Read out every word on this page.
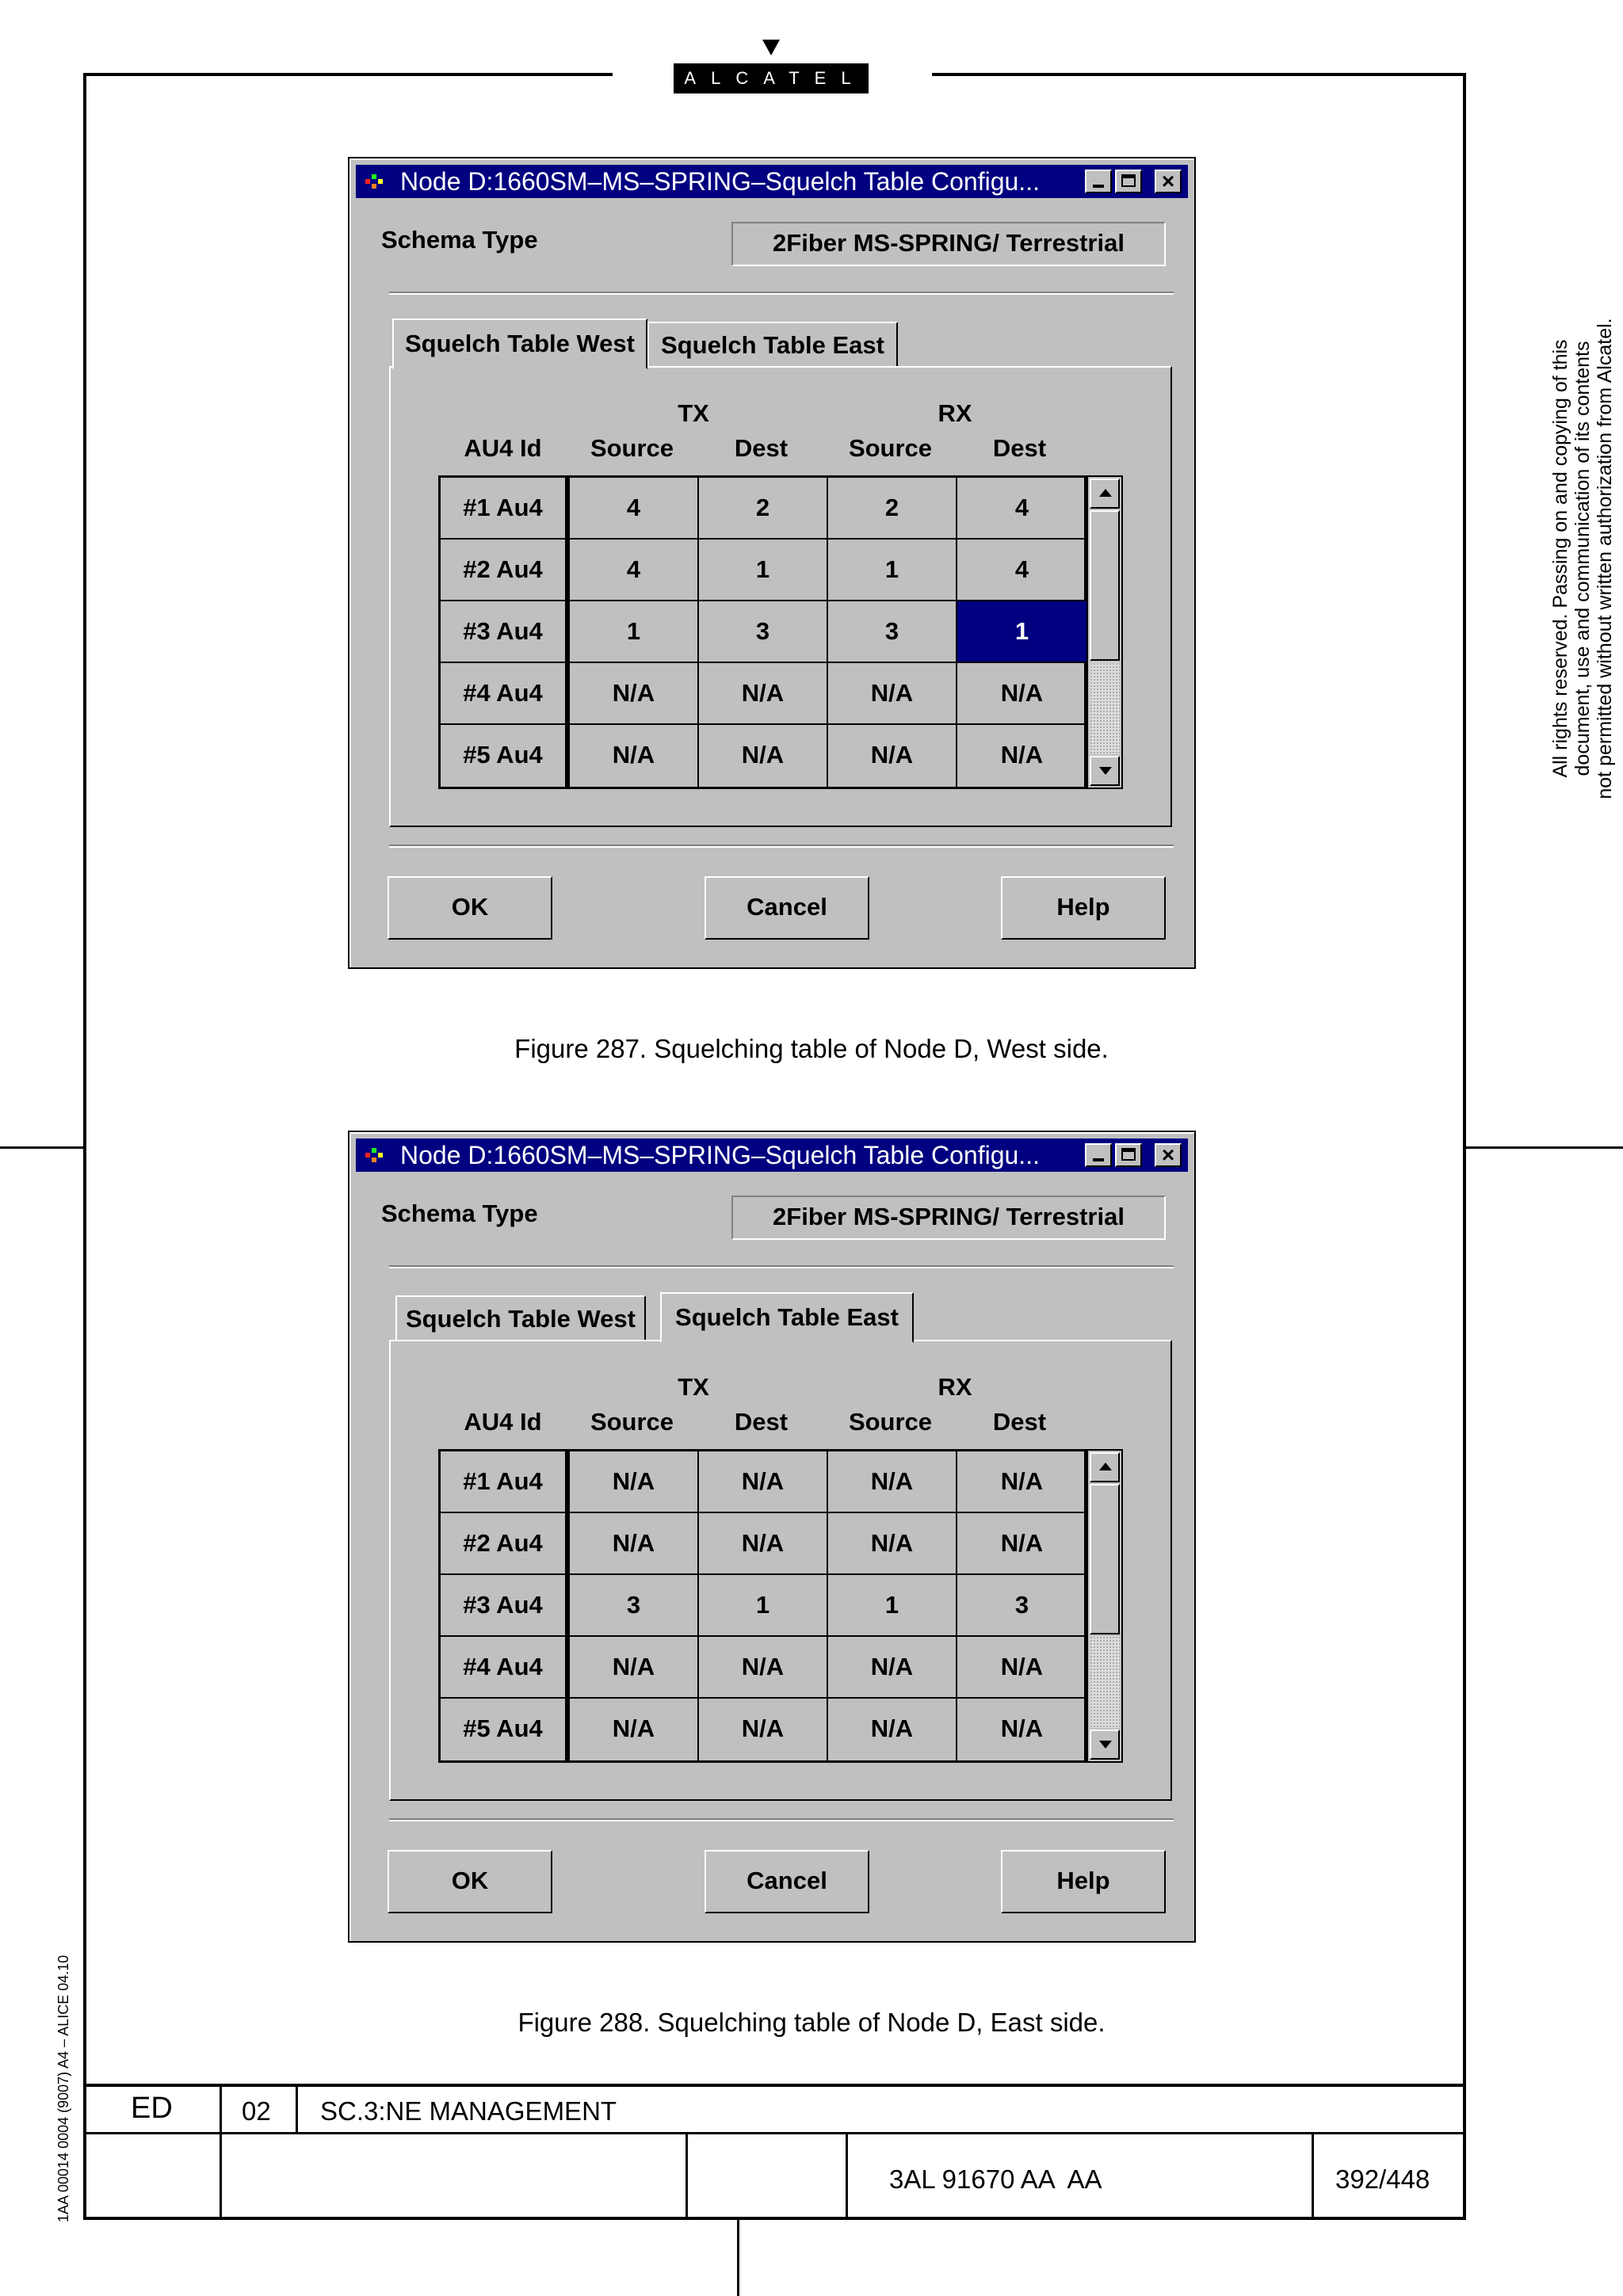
ALCATEL
All rights reserved. Passing on and copying of this document, use and communication of its contents not permitted without written authorization from Alcatel.
1AA 00014 0004 (9007) A4 – ALICE 04.10
Node D:1660SM–MS–SPRING–Squelch Table Configu...	×
Schema Type	2Fiber MS-SPRING/ Terrestrial
Squelch Table West	Squelch Table East
TX	RX
AU4 Id	Source	Dest	Source	Dest
#1 Au4	4	2	2	4
#2 Au4	4	1	1	4
#3 Au4	1	3	3	1
#4 Au4	N/A	N/A	N/A	N/A
#5 Au4	N/A	N/A	N/A	N/A
OK	Cancel	Help
Figure 287. Squelching table of Node D, West side.
Node D:1660SM–MS–SPRING–Squelch Table Configu...	×
Schema Type	2Fiber MS-SPRING/ Terrestrial
Squelch Table West	Squelch Table East
TX	RX
AU4 Id	Source	Dest	Source	Dest
#1 Au4	N/A	N/A	N/A	N/A
#2 Au4	N/A	N/A	N/A	N/A
#3 Au4	3	1	1	3
#4 Au4	N/A	N/A	N/A	N/A
#5 Au4	N/A	N/A	N/A	N/A
OK	Cancel	Help
Figure 288. Squelching table of Node D, East side.
ED	02 SC.3:NE MANAGEMENT
3AL 91670 AA  AA	392/448
